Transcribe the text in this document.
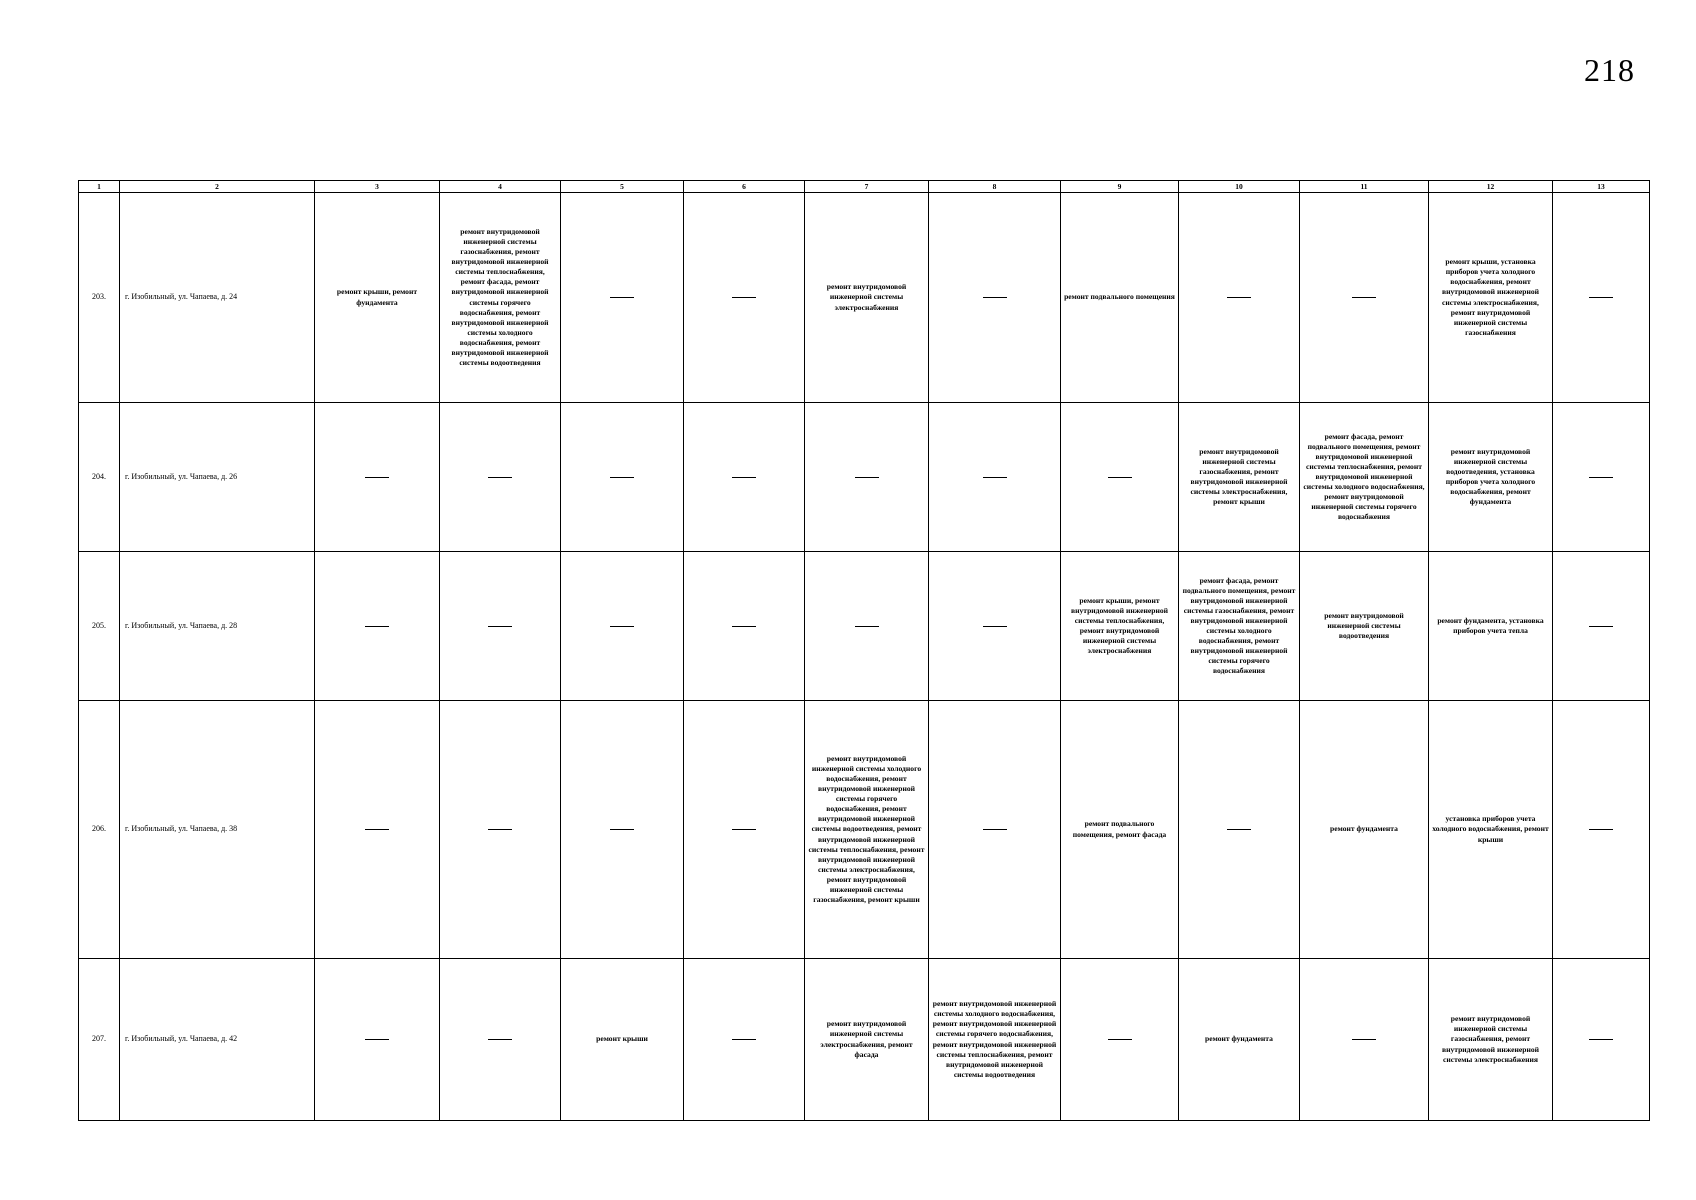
218
1	2	3	4	5	6	7	8	9	10	11	12	13
203.	г. Изобильный, ул. Чапаева, д. 24	ремонт крыши, ремонт фундамента	ремонт внутридомовой инженерной системы газоснабжения, ремонт внутридомовой инженерной системы теплоснабжения, ремонт фасада, ремонт внутридомовой инженерной системы горячего водоснабжения, ремонт внутридомовой инженерной системы холодного водоснабжения, ремонт внутридомовой инженерной системы водоотведения			ремонт внутридомовой инженерной системы электроснабжения		ремонт подвального помещения			ремонт крыши, установка приборов учета холодного водоснабжения, ремонт внутридомовой инженерной системы электроснабжения, ремонт внутридомовой инженерной системы газоснабжения	
204.	г. Изобильный, ул. Чапаева, д. 26								ремонт внутридомовой инженерной системы газоснабжения, ремонт внутридомовой инженерной системы электроснабжения, ремонт крыши	ремонт фасада, ремонт подвального помещения, ремонт внутридомовой инженерной системы теплоснабжения, ремонт внутридомовой инженерной системы холодного водоснабжения, ремонт внутридомовой инженерной системы горячего водоснабжения	ремонт внутридомовой инженерной системы водоотведения, установка приборов учета холодного водоснабжения, ремонт фундамента	
205.	г. Изобильный, ул. Чапаева, д. 28							ремонт крыши, ремонт внутридомовой инженерной системы теплоснабжения, ремонт внутридомовой инженерной системы электроснабжения	ремонт фасада, ремонт подвального помещения, ремонт внутридомовой инженерной системы газоснабжения, ремонт внутридомовой инженерной системы холодного водоснабжения, ремонт внутридомовой инженерной системы горячего водоснабжения	ремонт внутридомовой инженерной системы водоотведения	ремонт фундамента, установка приборов учета тепла	
206.	г. Изобильный, ул. Чапаева, д. 38					ремонт внутридомовой инженерной системы холодного водоснабжения, ремонт внутридомовой инженерной системы горячего водоснабжения, ремонт внутридомовой инженерной системы водоотведения, ремонт внутридомовой инженерной системы теплоснабжения, ремонт внутридомовой инженерной системы электроснабжения, ремонт внутридомовой инженерной системы газоснабжения, ремонт крыши		ремонт подвального помещения, ремонт фасада		ремонт фундамента	установка приборов учета холодного водоснабжения, ремонт крыши	
207.	г. Изобильный, ул. Чапаева, д. 42			ремонт крыши		ремонт внутридомовой инженерной системы электроснабжения, ремонт фасада	ремонт внутридомовой инженерной системы холодного водоснабжения, ремонт внутридомовой инженерной системы горячего водоснабжения, ремонт внутридомовой инженерной системы теплоснабжения, ремонт внутридомовой инженерной системы водоотведения		ремонт фундамента		ремонт внутридомовой инженерной системы газоснабжения, ремонт внутридомовой инженерной системы электроснабжения	
